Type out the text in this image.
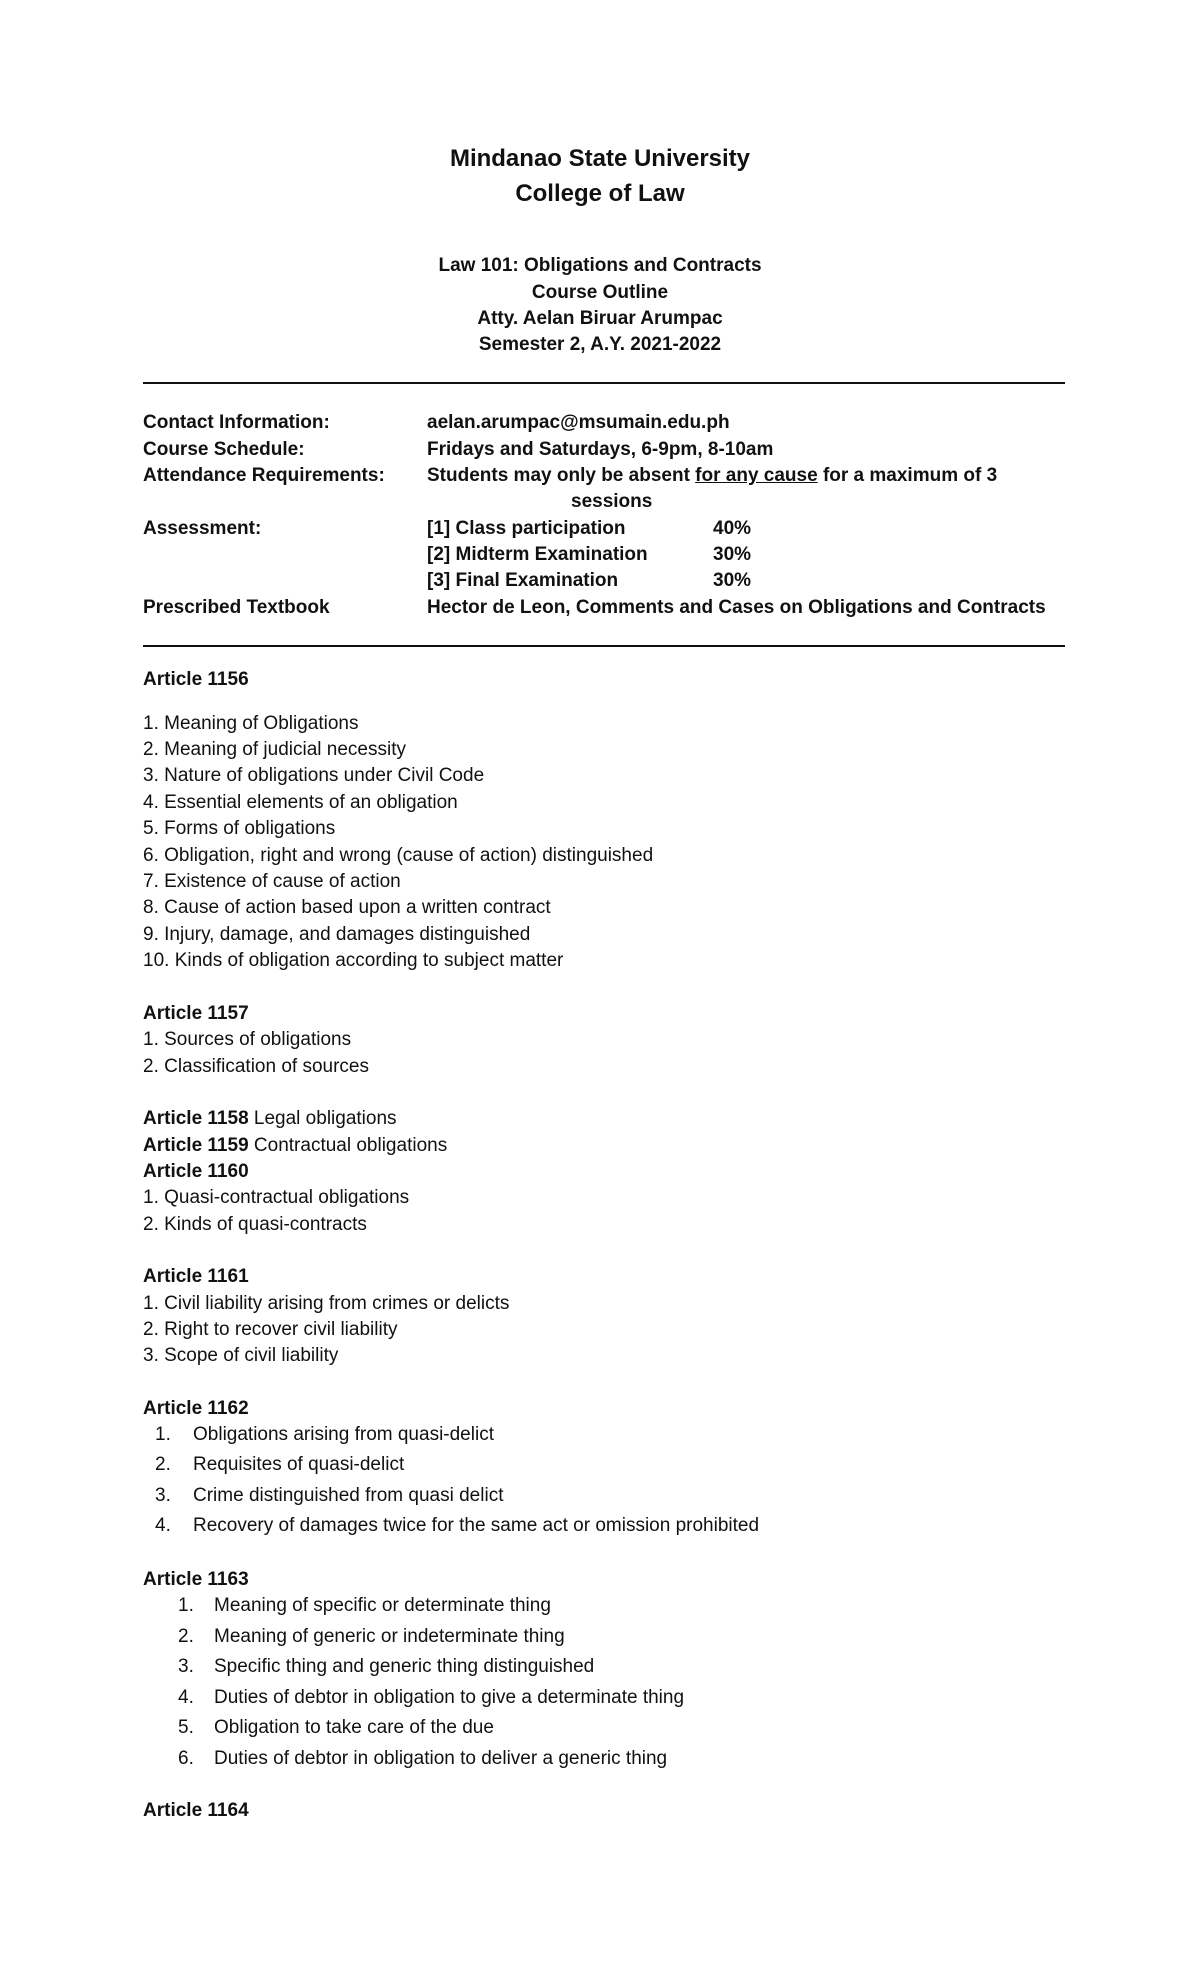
Mindanao State University
College of Law
Law 101: Obligations and Contracts
Course Outline
Atty. Aelan Biruar Arumpac
Semester 2, A.Y. 2021-2022
Contact Information:	aelan.arumpac@msumain.edu.ph
Course Schedule:	Fridays and Saturdays, 6-9pm, 8-10am
Attendance Requirements: Students may only be absent for any cause for a maximum of 3
sessions
Assessment:	[1] Class participation	40%
[2] Midterm Examination	30%
[3] Final Examination	30%
Prescribed Textbook	Hector de Leon, Comments and Cases on Obligations and Contracts
Article 1156
1. Meaning of Obligations
2. Meaning of judicial necessity
3. Nature of obligations under Civil Code
4. Essential elements of an obligation
5. Forms of obligations
6. Obligation, right and wrong (cause of action) distinguished
7. Existence of cause of action
8. Cause of action based upon a written contract
9. Injury, damage, and damages distinguished
10. Kinds of obligation according to subject matter
Article 1157
1. Sources of obligations
2. Classification of sources
Article 1158 Legal obligations
Article 1159 Contractual obligations
Article 1160
1. Quasi-contractual obligations
2. Kinds of quasi-contracts
Article 1161
1. Civil liability arising from crimes or delicts
2. Right to recover civil liability
3. Scope of civil liability
Article 1162
1. Obligations arising from quasi-delict
2. Requisites of quasi-delict
3. Crime distinguished from quasi delict
4. Recovery of damages twice for the same act or omission prohibited
Article 1163
1. Meaning of specific or determinate thing
2. Meaning of generic or indeterminate thing
3. Specific thing and generic thing distinguished
4. Duties of debtor in obligation to give a determinate thing
5. Obligation to take care of the due
6. Duties of debtor in obligation to deliver a generic thing
Article 1164
